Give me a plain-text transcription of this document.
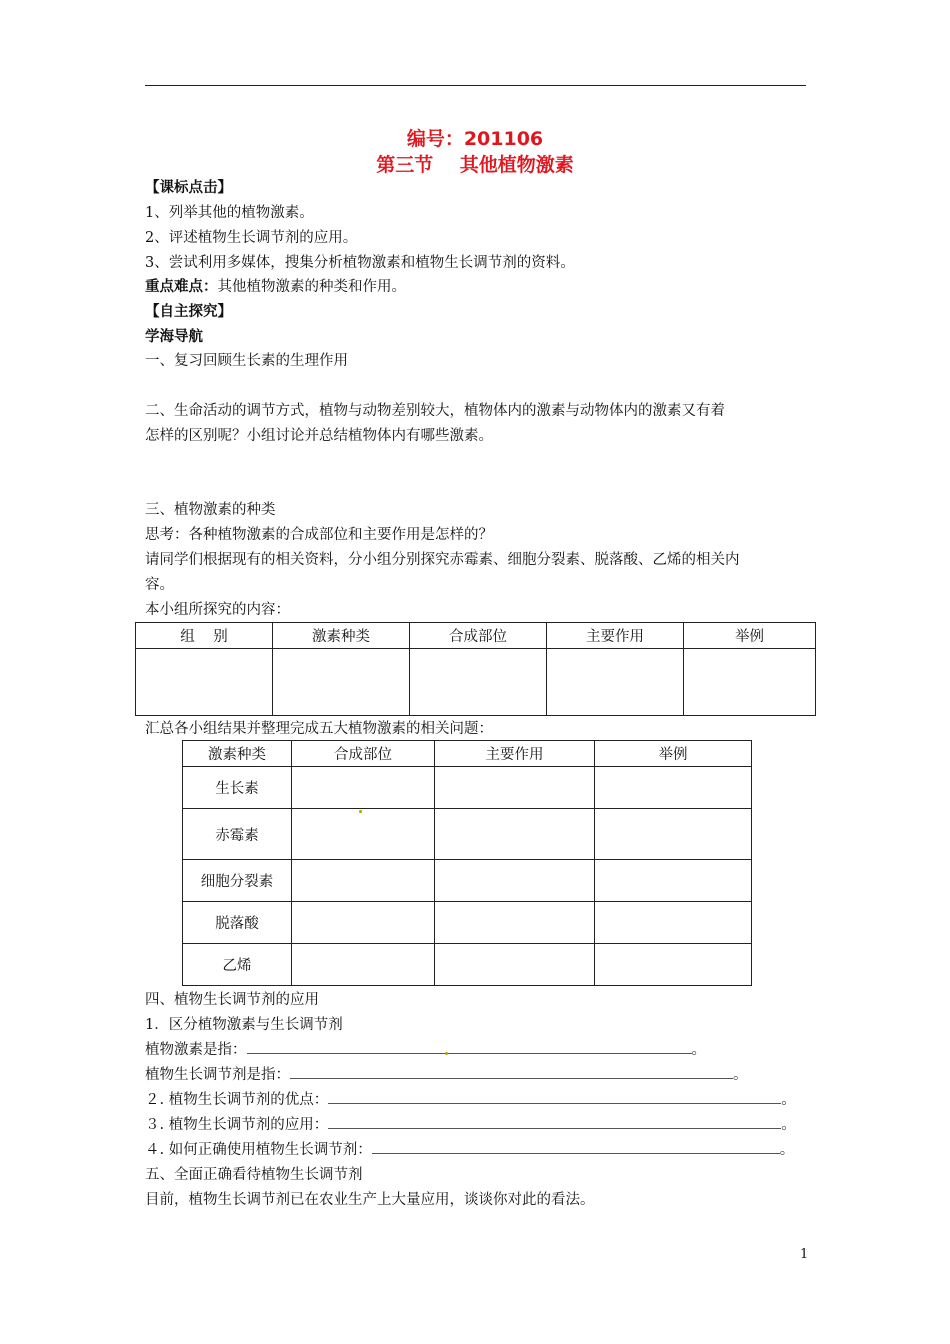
编号：201106
第三节    其他植物激素
【课标点击】
1、列举其他的植物激素。
2、评述植物生长调节剂的应用。
3、尝试利用多媒体，搜集分析植物激素和植物生长调节剂的资料。
重点难点：其他植物激素的种类和作用。
【自主探究】
学海导航
一、复习回顾生长素的生理作用
二、生命活动的调节方式，植物与动物差别较大，植物体内的激素与动物体内的激素又有着
怎样的区别呢？小组讨论并总结植物体内有哪些激素。
三、植物激素的种类
思考：各种植物激素的合成部位和主要作用是怎样的？
请同学们根据现有的相关资料，分小组分别探究赤霉素、细胞分裂素、脱落酸、乙烯的相关内
容。
本小组所探究的内容：
组    别	激素种类	合成部位	主要作用	举例

汇总各小组结果并整理完成五大植物激素的相关问题：
激素种类	合成部位	主要作用	举例
生长素			
赤霉素			
细胞分裂素			
脱落酸			
乙烯			
四、植物生长调节剂的应用
1．区分植物激素与生长调节剂
植物激素是指：	。
植物生长调节剂是指：	。
２. 植物生长调节剂的优点：	。
３. 植物生长调节剂的应用：	。
４. 如何正确使用植物生长调节剂：	。
五、全面正确看待植物生长调节剂
目前，植物生长调节剂已在农业生产上大量应用，谈谈你对此的看法。
1
